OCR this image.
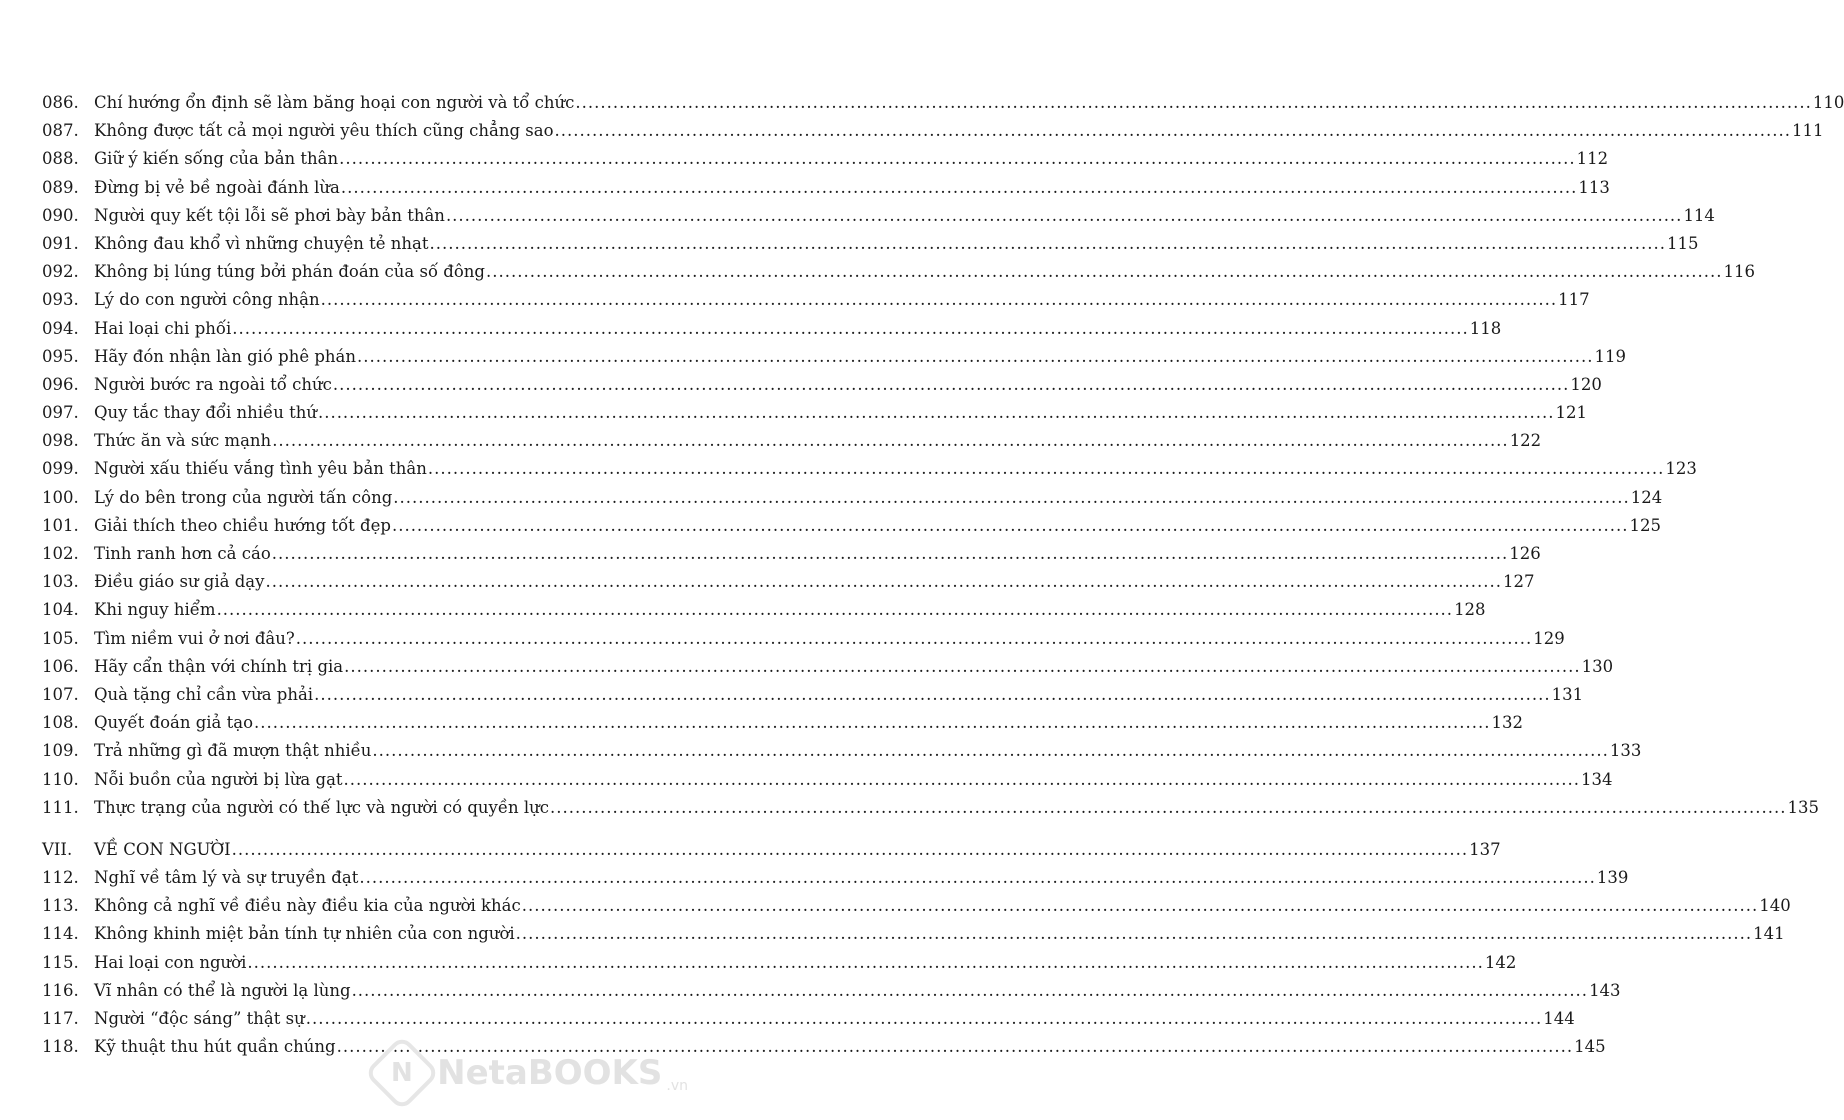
086. Chí hướng ổn định sẽ làm băng hoại con người và tổ chức .....	110
087. Không được tất cả mọi người yêu thích cũng chẳng sao .....	111
088. Giữ ý kiến sống của bản thân .....	112
089. Đừng bị vẻ bề ngoài đánh lừa .....	113
090. Người quy kết tội lỗi sẽ phơi bày bản thân .....	114
091. Không đau khổ vì những chuyện tẻ nhạt .....	115
092. Không bị lúng túng bởi phán đoán của số đông .....	116
093. Lý do con người công nhận .....	117
094. Hai loại chi phối .....	118
095. Hãy đón nhận làn gió phê phán .....	119
096. Người bước ra ngoài tổ chức .....	120
097. Quy tắc thay đổi nhiều thứ .....	121
098. Thức ăn và sức mạnh .....	122
099. Người xấu thiếu vắng tình yêu bản thân .....	123
100. Lý do bên trong của người tấn công .....	124
101. Giải thích theo chiều hướng tốt đẹp .....	125
102. Tinh ranh hơn cả cáo .....	126
103. Điều giáo sư giả dạy .....	127
104. Khi nguy hiểm .....	128
105. Tìm niềm vui ở nơi đâu? .....	129
106. Hãy cẩn thận với chính trị gia .....	130
107. Quà tặng chỉ cần vừa phải .....	131
108. Quyết đoán giả tạo .....	132
109. Trả những gì đã mượn thật nhiều .....	133
110. Nỗi buồn của người bị lừa gạt .....	134
111. Thực trạng của người có thế lực và người có quyền lực .....	135
VII.	VỀ CON NGƯỜI .....	137
112. Nghĩ về tâm lý và sự truyền đạt .....	139
113. Không cả nghĩ về điều này điều kia của người khác .....	140
114. Không khinh miệt bản tính tự nhiên của con người .....	141
115. Hai loại con người .....	142
116. Vĩ nhân có thể là người lạ lùng .....	143
117. Người “độc sáng” thật sự .....	144
118. Kỹ thuật thu hút quần chúng .....	145
N NetaBOOKS .vn
